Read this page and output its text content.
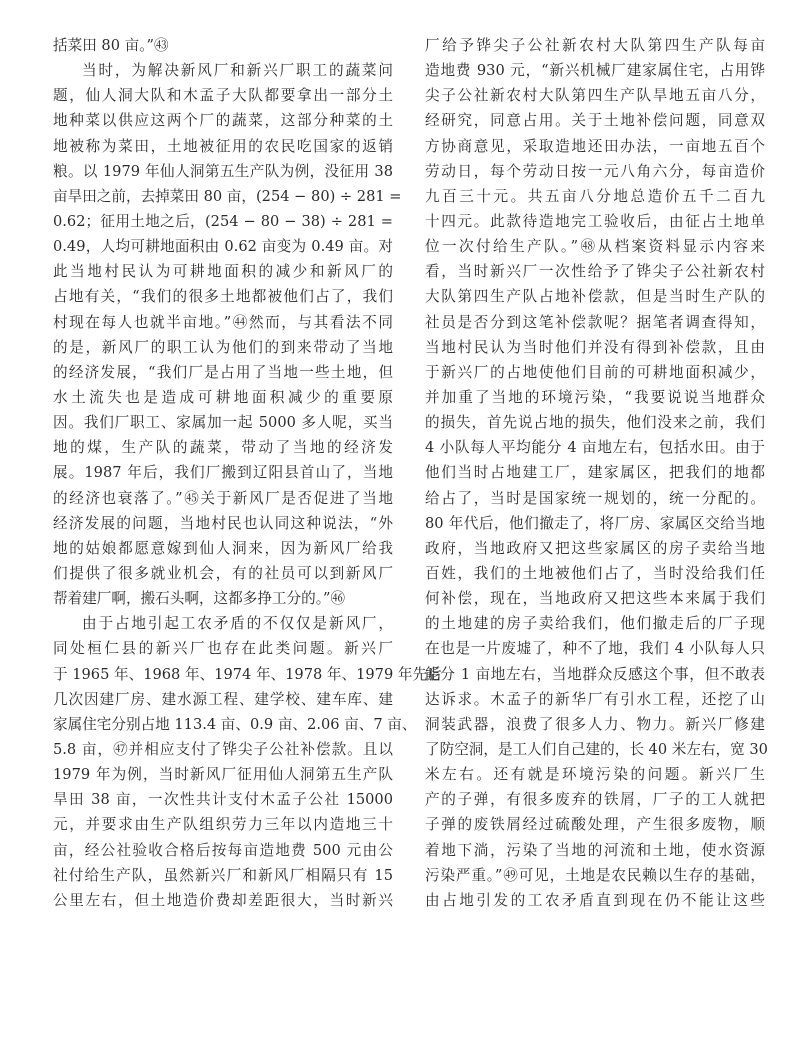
括菜田 80 亩。”㊸
当时，为解决新风厂和新兴厂职工的蔬菜问
题，仙人洞大队和木孟子大队都要拿出一部分土
地种菜以供应这两个厂的蔬菜，这部分种菜的土
地被称为菜田，土地被征用的农民吃国家的返销
粮。以 1979 年仙人洞第五生产队为例，没征用 38
亩旱田之前，去掉菜田 80 亩，(254 − 80) ÷ 281 =
0.62；征用土地之后，(254 − 80 − 38) ÷ 281 =
0.49，人均可耕地面积由 0.62 亩变为 0.49 亩。对
此当地村民认为可耕地面积的减少和新风厂的
占地有关，“我们的很多土地都被他们占了，我们
村现在每人也就半亩地。”㊹然而，与其看法不同
的是，新风厂的职工认为他们的到来带动了当地
的经济发展，“我们厂是占用了当地一些土地，但
水土流失也是造成可耕地面积减少的重要原
因。我们厂职工、家属加一起 5000 多人呢，买当
地的煤，生产队的蔬菜，带动了当地的经济发
展。1987 年后，我们厂搬到辽阳县首山了，当地
的经济也衰落了。”㊺关于新风厂是否促进了当地
经济发展的问题，当地村民也认同这种说法，“外
地的姑娘都愿意嫁到仙人洞来，因为新风厂给我
们提供了很多就业机会，有的社员可以到新风厂
帮着建厂啊，搬石头啊，这都多挣工分的。”㊻
由于占地引起工农矛盾的不仅仅是新风厂，
同处桓仁县的新兴厂也存在此类问题。新兴厂
于 1965 年、1968 年、1974 年、1978 年、1979 年先后
几次因建厂房、建水源工程、建学校、建车库、建
家属住宅分别占地 113.4 亩、0.9 亩、2.06 亩、7 亩、
5.8 亩，㊼并相应支付了铧尖子公社补偿款。且以
1979 年为例，当时新风厂征用仙人洞第五生产队
旱田 38 亩，一次性共计支付木孟子公社 15000
元，并要求由生产队组织劳力三年以内造地三十
亩，经公社验收合格后按每亩造地费 500 元由公
社付给生产队，虽然新兴厂和新风厂相隔只有 15
公里左右，但土地造价费却差距很大，当时新兴
厂给予铧尖子公社新农村大队第四生产队每亩
造地费 930 元，“新兴机械厂建家属住宅，占用铧
尖子公社新农村大队第四生产队旱地五亩八分，
经研究，同意占用。关于土地补偿问题，同意双
方协商意见，采取造地还田办法，一亩地五百个
劳动日，每个劳动日按一元八角六分，每亩造价
九百三十元。共五亩八分地总造价五千二百九
十四元。此款待造地完工验收后，由征占土地单
位一次付给生产队。”㊽从档案资料显示内容来
看，当时新兴厂一次性给予了铧尖子公社新农村
大队第四生产队占地补偿款，但是当时生产队的
社员是否分到这笔补偿款呢？据笔者调查得知，
当地村民认为当时他们并没有得到补偿款，且由
于新兴厂的占地使他们目前的可耕地面积减少，
并加重了当地的环境污染，“我要说说当地群众
的损失，首先说占地的损失，他们没来之前，我们
4 小队每人平均能分 4 亩地左右，包括水田。由于
他们当时占地建工厂，建家属区，把我们的地都
给占了，当时是国家统一规划的，统一分配的。
80 年代后，他们撤走了，将厂房、家属区交给当地
政府，当地政府又把这些家属区的房子卖给当地
百姓，我们的土地被他们占了，当时没给我们任
何补偿，现在，当地政府又把这些本来属于我们
的土地建的房子卖给我们，他们撤走后的厂子现
在也是一片废墟了，种不了地，我们 4 小队每人只
能分 1 亩地左右，当地群众反感这个事，但不敢表
达诉求。木孟子的新华厂有引水工程，还挖了山
洞装武器，浪费了很多人力、物力。新兴厂修建
了防空洞，是工人们自己建的，长 40 米左右，宽 30
米左右。还有就是环境污染的问题。新兴厂生
产的子弹，有很多废弃的铁屑，厂子的工人就把
子弹的废铁屑经过硫酸处理，产生很多废物，顺
着地下淌，污染了当地的河流和土地，使水资源
污染严重。”㊾可见，土地是农民赖以生存的基础，
由占地引发的工农矛盾直到现在仍不能让这些
